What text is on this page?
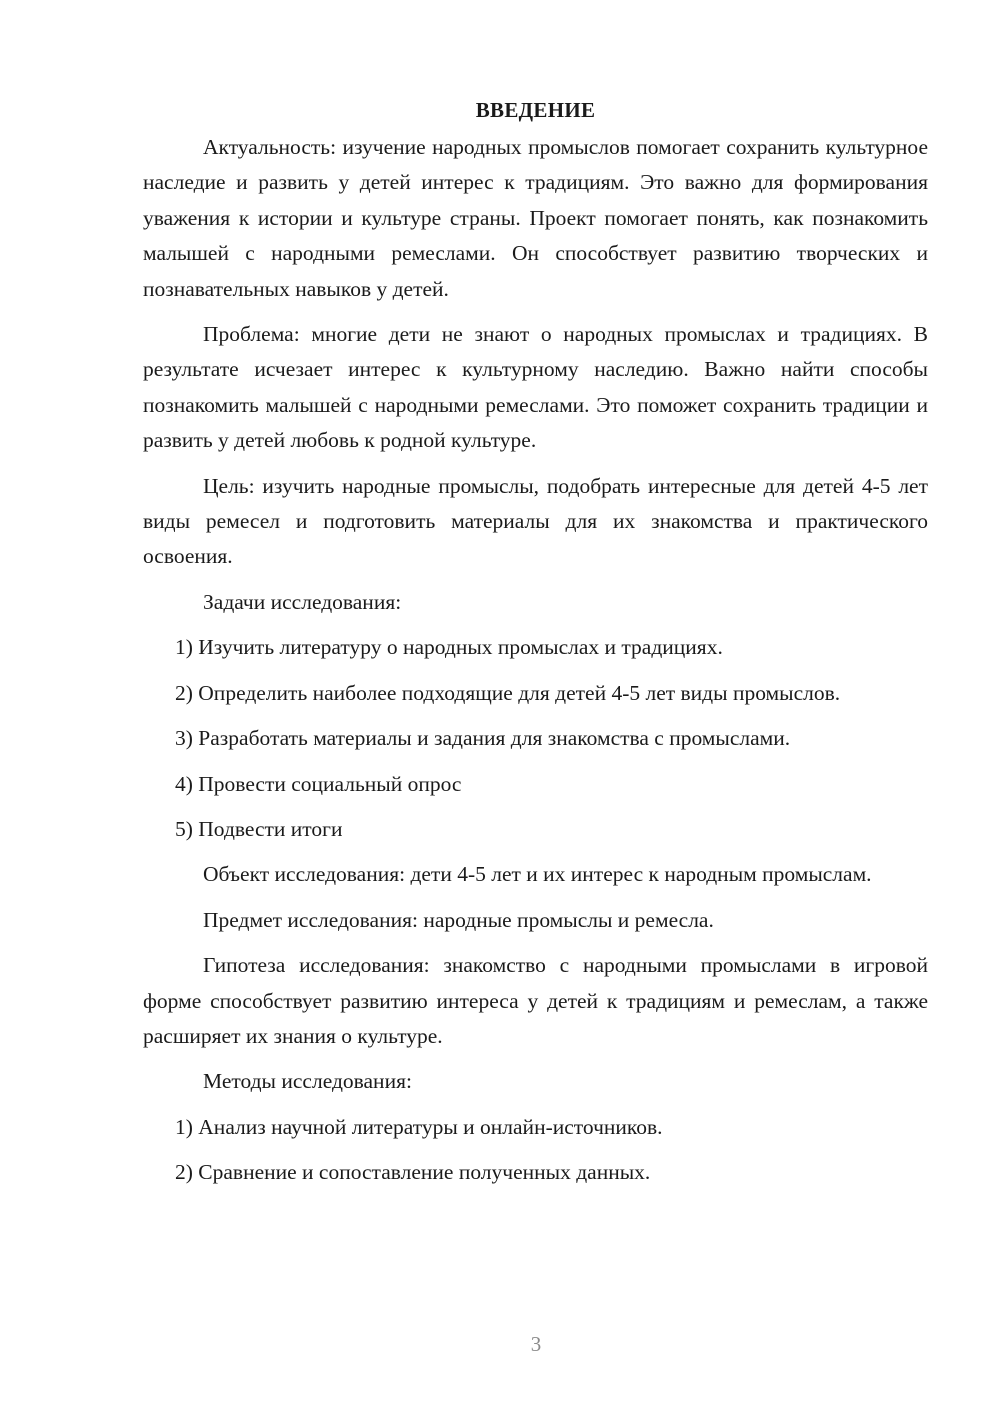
ВВЕДЕНИЕ

Актуальность: изучение народных промыслов помогает сохранить культурное наследие и развить у детей интерес к традициям. Это важно для формирования уважения к истории и культуре страны. Проект помогает понять, как познакомить малышей с народными ремеслами. Он способствует развитию творческих и познавательных навыков у детей.

Проблема: многие дети не знают о народных промыслах и традициях. В результате исчезает интерес к культурному наследию. Важно найти способы познакомить малышей с народными ремеслами. Это поможет сохранить традиции и развить у детей любовь к родной культуре.

Цель: изучить народные промыслы, подобрать интересные для детей 4-5 лет виды ремесел и подготовить материалы для их знакомства и практического освоения.

Задачи исследования:

1) Изучить литературу о народных промыслах и традициях.

2) Определить наиболее подходящие для детей 4-5 лет виды промыслов.

3) Разработать материалы и задания для знакомства с промыслами.

4) Провести социальный опрос

5) Подвести итоги

Объект исследования: дети 4-5 лет и их интерес к народным промыслам.

Предмет исследования: народные промыслы и ремесла.

Гипотеза исследования: знакомство с народными промыслами в игровой форме способствует развитию интереса у детей к традициям и ремеслам, а также расширяет их знания о культуре.

Методы исследования:

1) Анализ научной литературы и онлайн-источников.

2) Сравнение и сопоставление полученных данных.

3
